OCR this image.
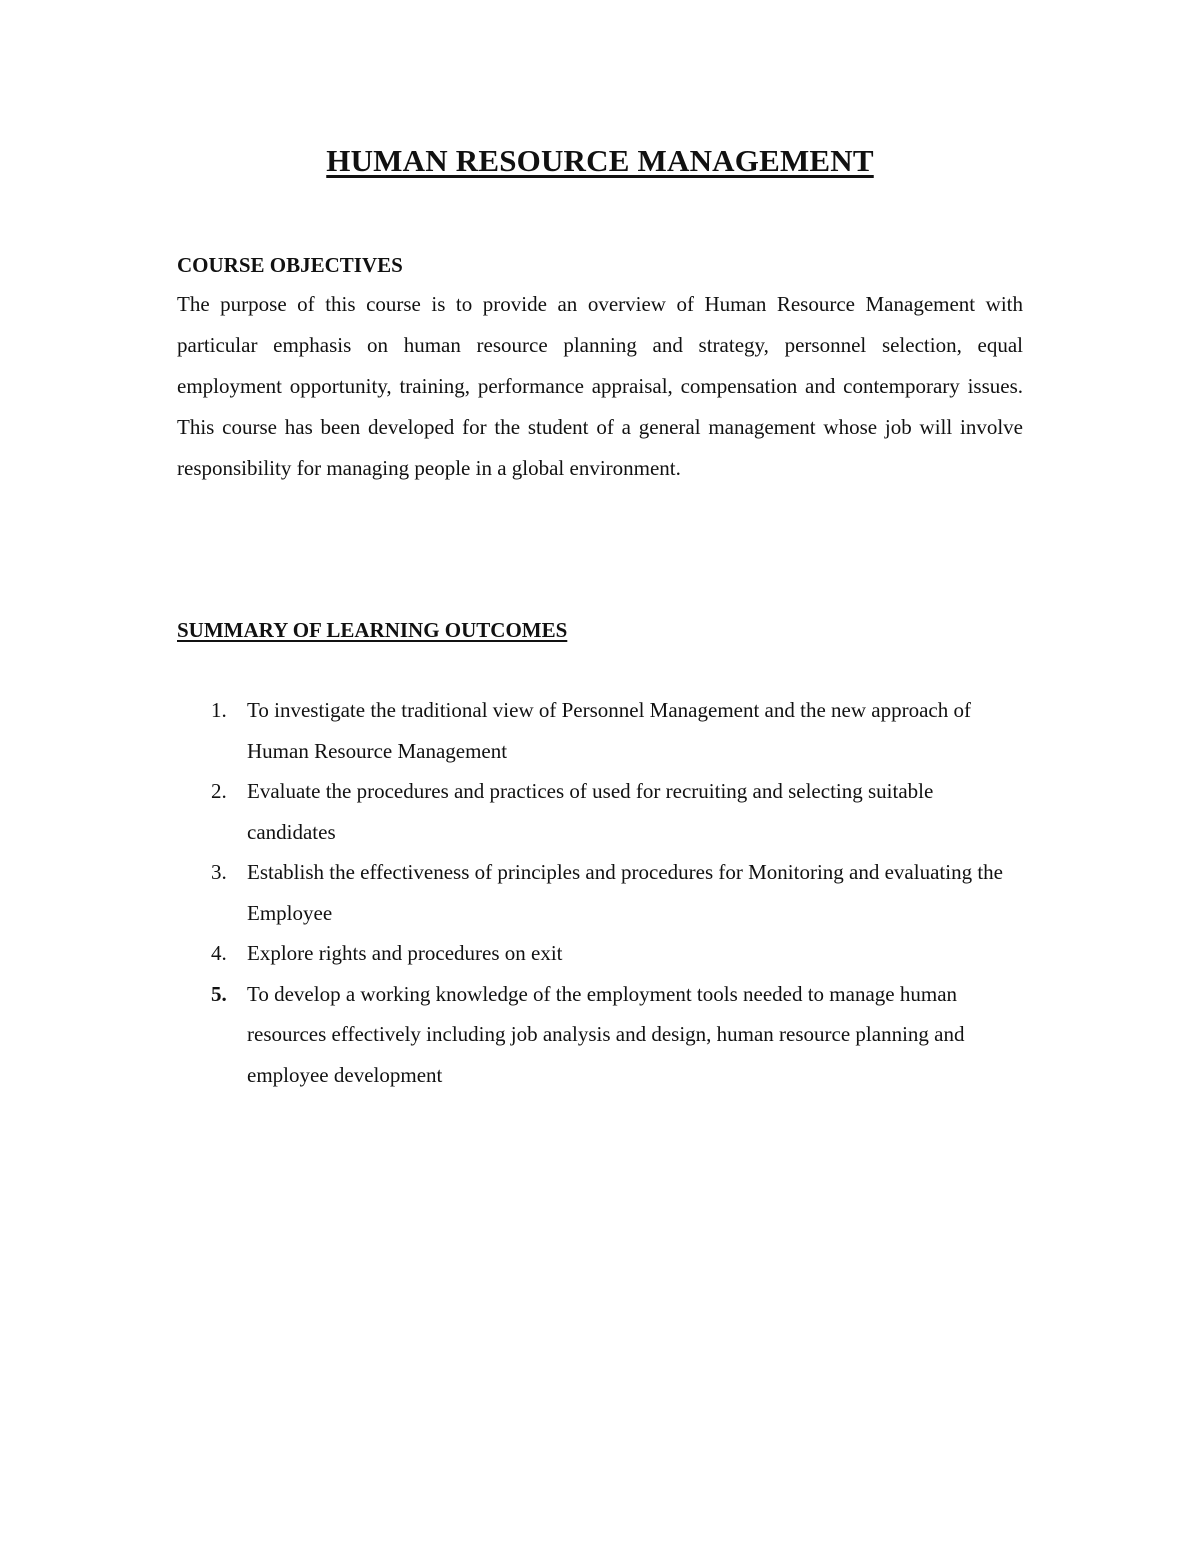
HUMAN RESOURCE MANAGEMENT
COURSE OBJECTIVES

The purpose of this course is to provide an overview of Human Resource Management with particular emphasis on human resource planning and strategy, personnel selection, equal employment opportunity, training, performance appraisal, compensation and contemporary issues. This course has been developed for the student of a general management whose job will involve responsibility for managing people in a global environment.

SUMMARY OF LEARNING OUTCOMES
1. To investigate the traditional view of Personnel Management and the new approach of Human Resource Management
2. Evaluate the procedures and practices of used for recruiting and selecting suitable candidates
3. Establish the effectiveness of principles and procedures for Monitoring and evaluating the Employee
4. Explore rights and procedures on exit
5. To develop a working knowledge of the employment tools needed to manage human resources effectively including job analysis and design, human resource planning and employee development
